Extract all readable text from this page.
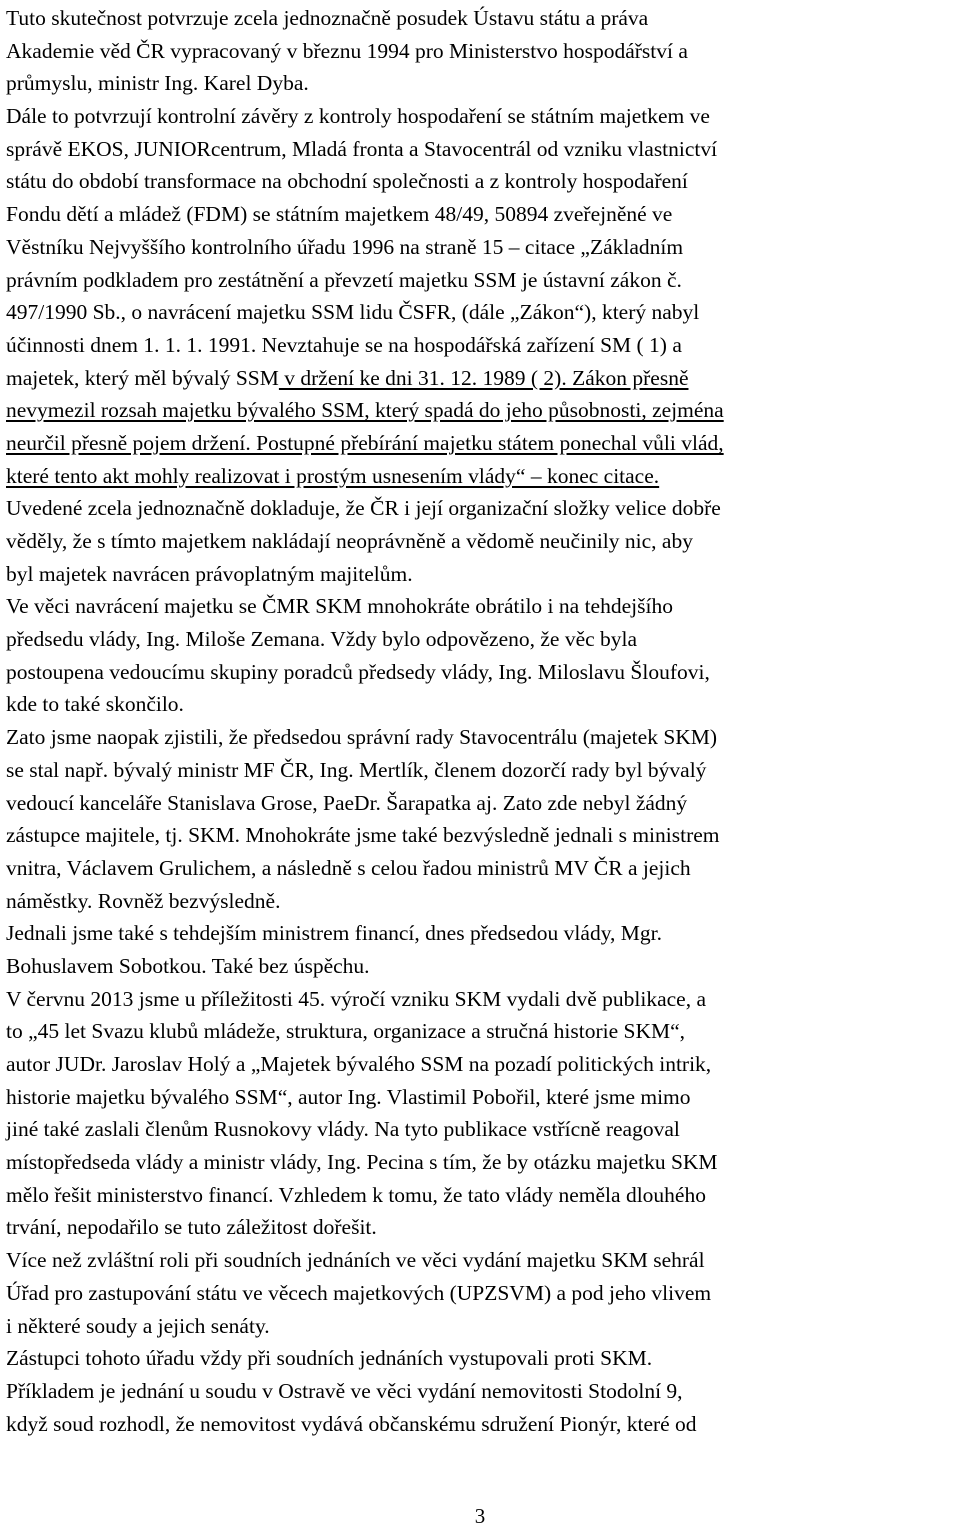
Tuto skutečnost potvrzuje zcela jednoznačně posudek Ústavu státu a práva
Akademie věd ČR vypracovaný v březnu 1994 pro Ministerstvo hospodářství a
průmyslu, ministr Ing. Karel Dyba.
Dále to potvrzují kontrolní závěry z kontroly hospodaření se státním majetkem ve
správě EKOS, JUNIORcentrum, Mladá fronta a Stavocentrál od vzniku vlastnictví
státu do období transformace na obchodní společnosti a z kontroly hospodaření
Fondu dětí a mládež (FDM) se státním majetkem 48/49, 50894 zveřejněné ve
Věstníku Nejvyššího kontrolního úřadu 1996 na straně 15 – citace „Základním
právním podkladem pro zestátnění a převzetí majetku SSM je ústavní zákon č.
497/1990 Sb., o navrácení majetku SSM lidu ČSFR, (dále „Zákon“), který nabyl
účinnosti dnem 1. 1. 1. 1991. Nevztahuje se na hospodářská zařízení SM ( 1) a
majetek, který měl bývalý SSM v držení ke dni 31. 12. 1989 ( 2). Zákon přesně
nevymezil rozsah majetku bývalého SSM, který spadá do jeho působnosti, zejména
neurčil přesně pojem držení. Postupné přebírání majetku státem ponechal vůli vlád,
které tento akt mohly realizovat i prostým usnesením vlády“ – konec citace.
Uvedené zcela jednoznačně dokladuje, že ČR i její organizační složky velice dobře
věděly, že s tímto majetkem nakládají neoprávněně a vědomě neučinily nic, aby
byl majetek navrácen právoplatným majitelům.
Ve věci navrácení majetku se ČMR SKM mnohokráte obrátilo i na tehdejšího
předsedu vlády, Ing. Miloše Zemana. Vždy bylo odpovězeno, že věc byla
postoupena vedoucímu skupiny poradců předsedy vlády, Ing. Miloslavu Šloufovi,
kde to také skončilo.
Zato jsme naopak zjistili, že předsedou správní rady Stavocentrálu (majetek SKM)
se stal např. bývalý ministr MF ČR, Ing. Mertlík, členem dozorčí rady byl bývalý
vedoucí kanceláře Stanislava Grose, PaeDr. Šarapatka aj. Zato zde nebyl žádný
zástupce majitele, tj. SKM. Mnohokráte jsme také bezvýsledně jednali s ministrem
vnitra, Václavem Grulichem, a následně s celou řadou ministrů MV ČR a jejich
náměstky. Rovněž bezvýsledně.
Jednali jsme také s tehdejším ministrem financí, dnes předsedou vlády, Mgr.
Bohuslavem Sobotkou. Také bez úspěchu.
V červnu 2013 jsme u příležitosti 45. výročí vzniku SKM vydali dvě publikace, a
to „45 let Svazu klubů mládeže, struktura, organizace a stručná historie SKM“,
autor JUDr. Jaroslav Holý a „Majetek bývalého SSM na pozadí politických intrik,
historie majetku bývalého SSM“, autor Ing. Vlastimil Pobořil, které jsme mimo
jiné také zaslali členům Rusnokovy vlády. Na tyto publikace vstřícně reagoval
místopředseda vlády a ministr vlády, Ing. Pecina s tím, že by otázku majetku SKM
mělo řešit ministerstvo financí. Vzhledem k tomu, že tato vlády neměla dlouhého
trvání, nepodařilo se tuto záležitost dořešit.
Více než zvláštní roli při soudních jednáních ve věci vydání majetku SKM sehrál
Úřad pro zastupování státu ve věcech majetkových (UPZSVM) a pod jeho vlivem
i některé soudy a jejich senáty.
Zástupci tohoto úřadu vždy při soudních jednáních vystupovali proti SKM.
Příkladem je jednání u soudu v Ostravě ve věci vydání nemovitosti Stodolní 9,
když soud rozhodl, že nemovitost vydává občanskému sdružení Pionýr, které od
3
